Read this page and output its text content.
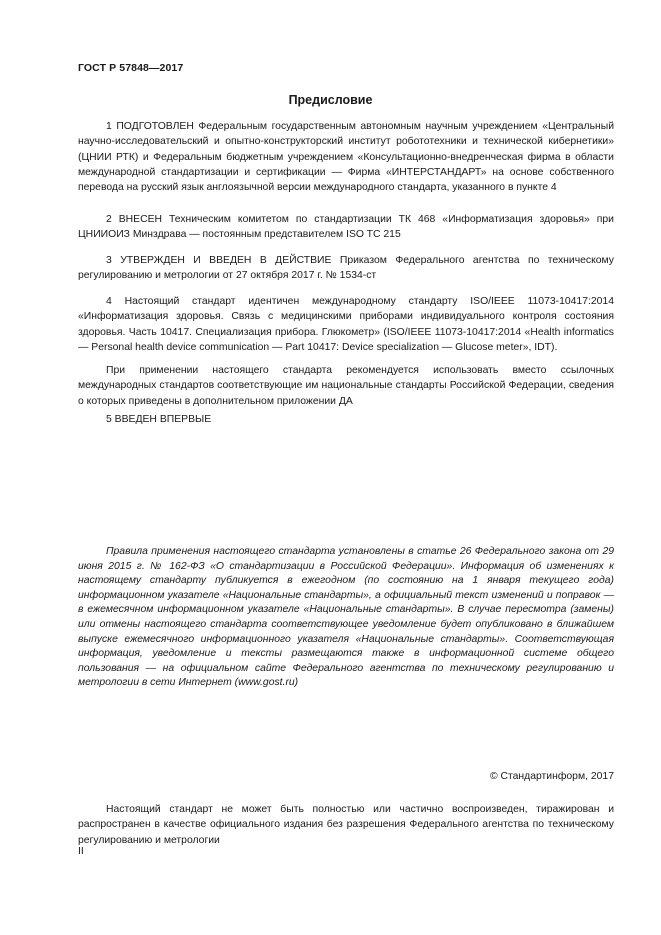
ГОСТ Р 57848—2017
Предисловие
1 ПОДГОТОВЛЕН Федеральным государственным автономным научным учреждением «Центральный научно-исследовательский и опытно-конструкторский институт робототехники и технической кибернетики» (ЦНИИ РТК) и Федеральным бюджетным учреждением «Консультационно-внедренческая фирма в области международной стандартизации и сертификации — Фирма «ИНТЕРСТАНДАРТ» на основе собственного перевода на русский язык англоязычной версии международного стандарта, указанного в пункте 4
2 ВНЕСЕН Техническим комитетом по стандартизации ТК 468 «Информатизация здоровья» при ЦНИИОИЗ Минздрава — постоянным представителем ISO TC 215
3 УТВЕРЖДЕН И ВВЕДЕН В ДЕЙСТВИЕ Приказом Федерального агентства по техническому регулированию и метрологии от 27 октября 2017 г. № 1534-ст
4 Настоящий стандарт идентичен международному стандарту ISO/IEEE 11073-10417:2014 «Информатизация здоровья. Связь с медицинскими приборами индивидуального контроля состояния здоровья. Часть 10417. Специализация прибора. Глюкометр» (ISO/IEEE 11073-10417:2014 «Health informatics — Personal health device communication — Part 10417: Device specialization — Glucose meter», IDT).
При применении настоящего стандарта рекомендуется использовать вместо ссылочных международных стандартов соответствующие им национальные стандарты Российской Федерации, сведения о которых приведены в дополнительном приложении ДА
5 ВВЕДЕН ВПЕРВЫЕ
Правила применения настоящего стандарта установлены в статье 26 Федерального закона от 29 июня 2015 г. № 162-ФЗ «О стандартизации в Российской Федерации». Информация об изменениях к настоящему стандарту публикуется в ежегодном (по состоянию на 1 января текущего года) информационном указателе «Национальные стандарты», а официальный текст изменений и поправок — в ежемесячном информационном указателе «Национальные стандарты». В случае пересмотра (замены) или отмены настоящего стандарта соответствующее уведомление будет опубликовано в ближайшем выпуске ежемесячного информационного указателя «Национальные стандарты». Соответствующая информация, уведомление и тексты размещаются также в информационной системе общего пользования — на официальном сайте Федерального агентства по техническому регулированию и метрологии в сети Интернет (www.gost.ru)
© Стандартинформ, 2017
Настоящий стандарт не может быть полностью или частично воспроизведен, тиражирован и распространен в качестве официального издания без разрешения Федерального агентства по техническому регулированию и метрологии
II
